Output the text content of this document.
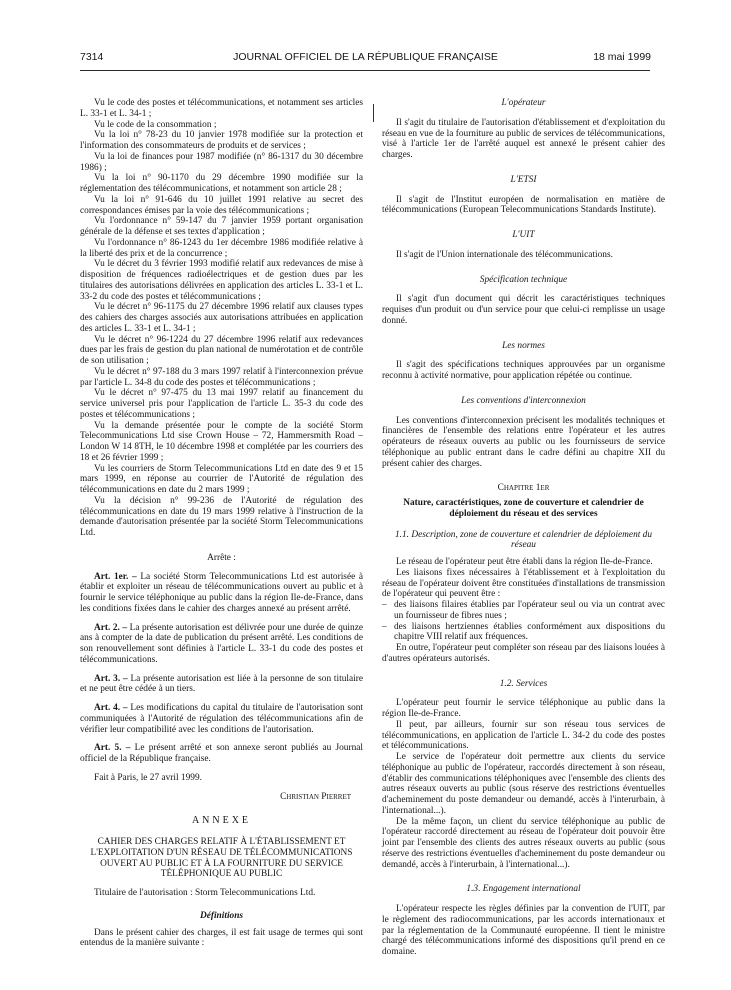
7314	JOURNAL OFFICIEL DE LA RÉPUBLIQUE FRANÇAISE	18 mai 1999

Vu le code des postes et télécommunications, et notamment ses articles L. 33-1 et L. 34-1 ;

Vu le code de la consommation ;

Vu la loi n° 78-23 du 10 janvier 1978 modifiée sur la protection et l'information des consommateurs de produits et de services ;

Vu la loi de finances pour 1987 modifiée (n° 86-1317 du 30 décembre 1986) ;

Vu la loi n° 90-1170 du 29 décembre 1990 modifiée sur la réglementation des télécommunications, et notamment son article 28 ;

Vu la loi n° 91-646 du 10 juillet 1991 relative au secret des correspondances émises par la voie des télécommunications ;

Vu l'ordonnance n° 59-147 du 7 janvier 1959 portant organisation générale de la défense et ses textes d'application ;

Vu l'ordonnance n° 86-1243 du 1er décembre 1986 modifiée relative à la liberté des prix et de la concurrence ;

Vu le décret du 3 février 1993 modifié relatif aux redevances de mise à disposition de fréquences radioélectriques et de gestion dues par les titulaires des autorisations délivrées en application des articles L. 33-1 et L. 33-2 du code des postes et télécommunications ;

Vu le décret n° 96-1175 du 27 décembre 1996 relatif aux clauses types des cahiers des charges associés aux autorisations attribuées en application des articles L. 33-1 et L. 34-1 ;

Vu le décret n° 96-1224 du 27 décembre 1996 relatif aux redevances dues par les frais de gestion du plan national de numérotation et de contrôle de son utilisation ;

Vu le décret n° 97-188 du 3 mars 1997 relatif à l'interconnexion prévue par l'article L. 34-8 du code des postes et télécommunications ;

Vu le décret n° 97-475 du 13 mai 1997 relatif au financement du service universel pris pour l'application de l'article L. 35-3 du code des postes et télécommunications ;

Vu la demande présentée pour le compte de la société Storm Telecommunications Ltd sise Crown House – 72, Hammersmith Road – London W 14 8TH, le 10 décembre 1998 et complétée par les courriers des 18 et 26 février 1999 ;

Vu les courriers de Storm Telecommunications Ltd en date des 9 et 15 mars 1999, en réponse au courrier de l'Autorité de régulation des télécommunications en date du 2 mars 1999 ;

Vu la décision n° 99-236 de l'Autorité de régulation des télécommunications en date du 19 mars 1999 relative à l'instruction de la demande d'autorisation présentée par la société Storm Telecommunications Ltd.

Arrête :

Art. 1er. – La société Storm Telecommunications Ltd est autorisée à établir et exploiter un réseau de télécommunications ouvert au public et à fournir le service téléphonique au public dans la région Ile-de-France, dans les conditions fixées dans le cahier des charges annexé au présent arrêté.

Art. 2. – La présente autorisation est délivrée pour une durée de quinze ans à compter de la date de publication du présent arrêté. Les conditions de son renouvellement sont définies à l'article L. 33-1 du code des postes et télécommunications.

Art. 3. – La présente autorisation est liée à la personne de son titulaire et ne peut être cédée à un tiers.

Art. 4. – Les modifications du capital du titulaire de l'autorisation sont communiquées à l'Autorité de régulation des télécommunications afin de vérifier leur compatibilité avec les conditions de l'autorisation.

Art. 5. – Le présent arrêté et son annexe seront publiés au Journal officiel de la République française.

Fait à Paris, le 27 avril 1999.

Christian Pierret

ANNEXE

CAHIER DES CHARGES RELATIF À L'ÉTABLISSEMENT ET L'EXPLOITATION D'UN RÉSEAU DE TÉLÉCOMMUNICATIONS OUVERT AU PUBLIC ET À LA FOURNITURE DU SERVICE TÉLÉPHONIQUE AU PUBLIC

Titulaire de l'autorisation : Storm Telecommunications Ltd.

Définitions

Dans le présent cahier des charges, il est fait usage de termes qui sont entendus de la manière suivante :

L'opérateur

Il s'agit du titulaire de l'autorisation d'établissement et d'exploitation du réseau en vue de la fourniture au public de services de télécommunications, visé à l'article 1er de l'arrêté auquel est annexé le présent cahier des charges.

L'ETSI

Il s'agit de l'Institut européen de normalisation en matière de télécommunications (European Telecommunications Standards Institute).

L'UIT

Il s'agit de l'Union internationale des télécommunications.

Spécification technique

Il s'agit d'un document qui décrit les caractéristiques techniques requises d'un produit ou d'un service pour que celui-ci remplisse un usage donné.

Les normes

Il s'agit des spécifications techniques approuvées par un organisme reconnu à activité normative, pour application répétée ou continue.

Les conventions d'interconnexion

Les conventions d'interconnexion précisent les modalités techniques et financières de l'ensemble des relations entre l'opérateur et les autres opérateurs de réseaux ouverts au public ou les fournisseurs de service téléphonique au public entrant dans le cadre défini au chapitre XII du présent cahier des charges.

Chapitre 1er

Nature, caractéristiques, zone de couverture et calendrier de déploiement du réseau et des services

1.1. Description, zone de couverture et calendrier de déploiement du réseau

Le réseau de l'opérateur peut être établi dans la région Ile-de-France.

Les liaisons fixes nécessaires à l'établissement et à l'exploitation du réseau de l'opérateur doivent être constituées d'installations de transmission de l'opérateur qui peuvent être :

– des liaisons filaires établies par l'opérateur seul ou via un contrat avec un fournisseur de fibres nues ;
– des liaisons hertziennes établies conformément aux dispositions du chapitre VIII relatif aux fréquences.

En outre, l'opérateur peut compléter son réseau par des liaisons louées à d'autres opérateurs autorisés.

1.2. Services

L'opérateur peut fournir le service téléphonique au public dans la région Ile-de-France.

Il peut, par ailleurs, fournir sur son réseau tous services de télécommunications, en application de l'article L. 34-2 du code des postes et télécommunications.

Le service de l'opérateur doit permettre aux clients du service téléphonique au public de l'opérateur, raccordés directement à son réseau, d'établir des communications téléphoniques avec l'ensemble des clients des autres réseaux ouverts au public (sous réserve des restrictions éventuelles d'acheminement du poste demandeur ou demandé, accès à l'interurbain, à l'international...).

De la même façon, un client du service téléphonique au public de l'opérateur raccordé directement au réseau de l'opérateur doit pouvoir être joint par l'ensemble des clients des autres réseaux ouverts au public (sous réserve des restrictions éventuelles d'acheminement du poste demandeur ou demandé, accès à l'interurbain, à l'international...).

1.3. Engagement international

L'opérateur respecte les règles définies par la convention de l'UIT, par le règlement des radiocommunications, par les accords internationaux et par la réglementation de la Communauté européenne. Il tient le ministre chargé des télécommunications informé des dispositions qu'il prend en ce domaine.
